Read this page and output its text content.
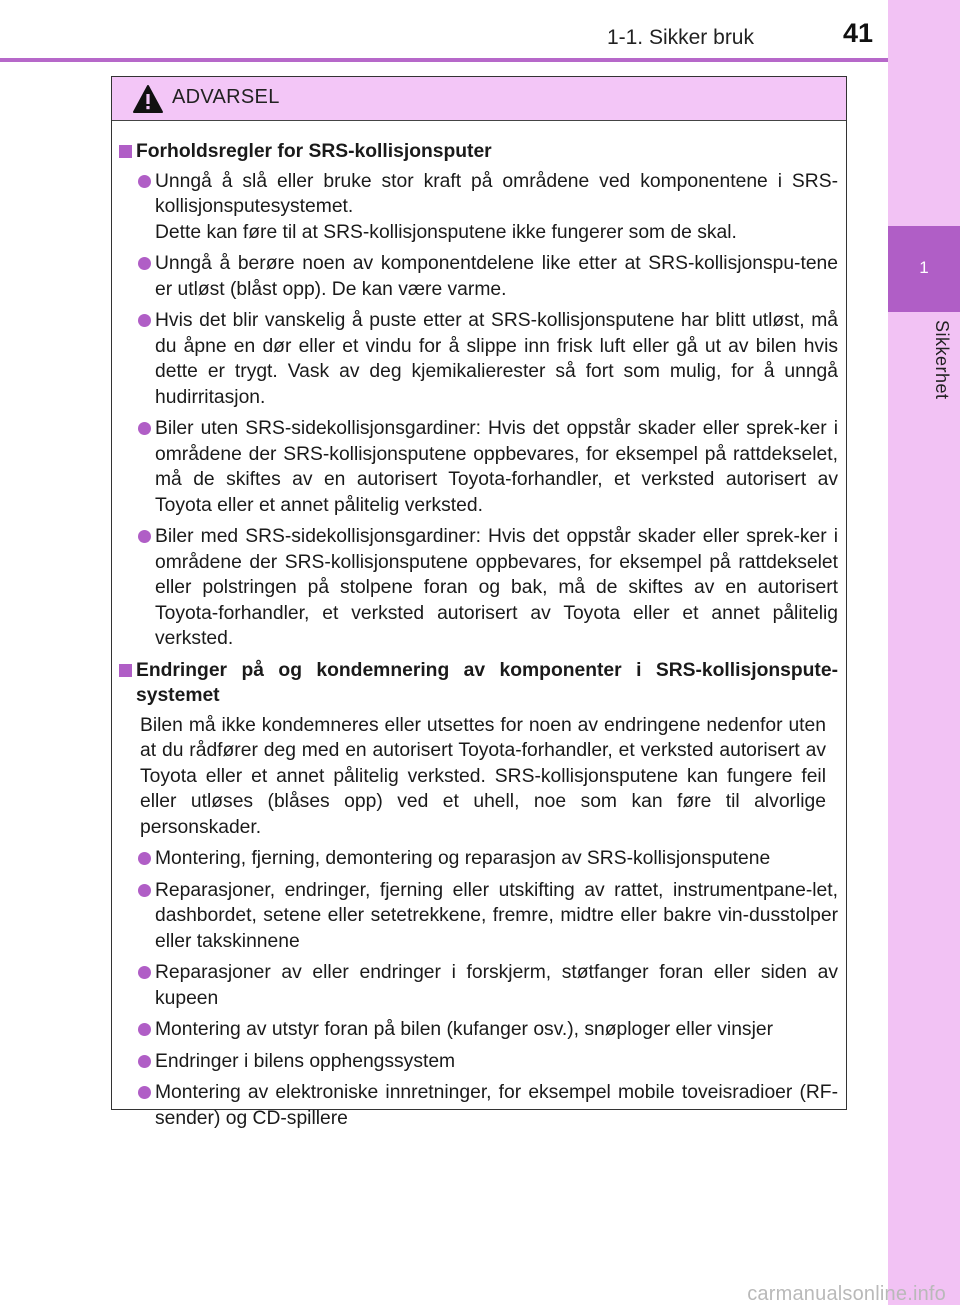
1-1. Sikker bruk	41
1
Sikkerhet
ADVARSEL
Forholdsregler for SRS-kollisjonsputer
Unngå å slå eller bruke stor kraft på områdene ved komponentene i SRS-kollisjonsputesystemet.
Dette kan føre til at SRS-kollisjonsputene ikke fungerer som de skal.
Unngå å berøre noen av komponentdelene like etter at SRS-kollisjonspu-tene er utløst (blåst opp). De kan være varme.
Hvis det blir vanskelig å puste etter at SRS-kollisjonsputene har blitt utløst, må du åpne en dør eller et vindu for å slippe inn frisk luft eller gå ut av bilen hvis dette er trygt. Vask av deg kjemikalierester så fort som mulig, for å unngå hudirritasjon.
Biler uten SRS-sidekollisjonsgardiner: Hvis det oppstår skader eller sprek-ker i områdene der SRS-kollisjonsputene oppbevares, for eksempel på rattdekselet, må de skiftes av en autorisert Toyota-forhandler, et verksted autorisert av Toyota eller et annet pålitelig verksted.
Biler med SRS-sidekollisjonsgardiner: Hvis det oppstår skader eller sprek-ker i områdene der SRS-kollisjonsputene oppbevares, for eksempel på rattdekselet eller polstringen på stolpene foran og bak, må de skiftes av en autorisert Toyota-forhandler, et verksted autorisert av Toyota eller et annet pålitelig verksted.
Endringer på og kondemnering av komponenter i SRS-kollisjonspute-systemet
Bilen må ikke kondemneres eller utsettes for noen av endringene nedenfor uten at du rådfører deg med en autorisert Toyota-forhandler, et verksted autorisert av Toyota eller et annet pålitelig verksted. SRS-kollisjonsputene kan fungere feil eller utløses (blåses opp) ved et uhell, noe som kan føre til alvorlige personskader.
Montering, fjerning, demontering og reparasjon av SRS-kollisjonsputene
Reparasjoner, endringer, fjerning eller utskifting av rattet, instrumentpane-let, dashbordet, setene eller setetrekkene, fremre, midtre eller bakre vin-dusstolper eller takskinnene
Reparasjoner av eller endringer i forskjerm, støtfanger foran eller siden av kupeen
Montering av utstyr foran på bilen (kufanger osv.), snøploger eller vinsjer
Endringer i bilens opphengssystem
Montering av elektroniske innretninger, for eksempel mobile toveisradioer (RF-sender) og CD-spillere
carmanualsonline.info
